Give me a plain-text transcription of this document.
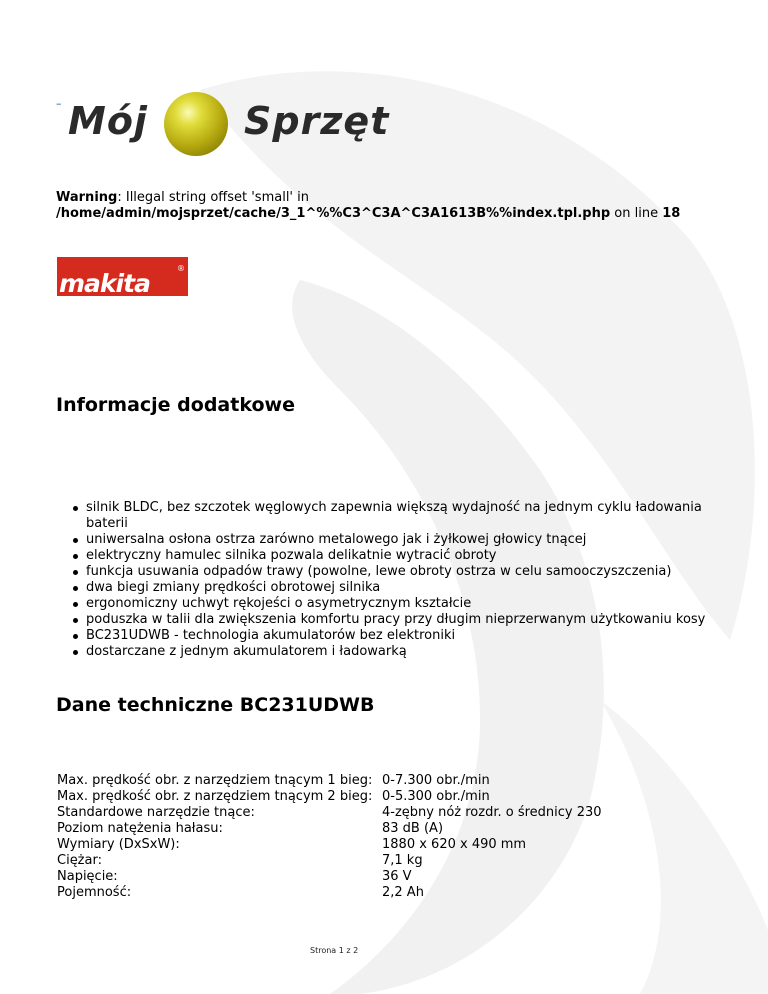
– Mój	Sprzęt
Warning: Illegal string offset 'small' in
/home/admin/mojsprzet/cache/3_1^%%C3^C3A^C3A1613B%%index.tpl.php on line 18
makita
®
Informacje dodatkowe
silnik BLDC, bez szczotek węglowych zapewnia większą wydajność na jednym cyklu ładowania baterii
uniwersalna osłona ostrza zarówno metalowego jak i żyłkowej głowicy tnącej
elektryczny hamulec silnika pozwala delikatnie wytracić obroty
funkcja usuwania odpadów trawy (powolne, lewe obroty ostrza w celu samooczyszczenia)
dwa biegi zmiany prędkości obrotowej silnika
ergonomiczny uchwyt rękojeści o asymetrycznym kształcie
poduszka w talii dla zwiększenia komfortu pracy przy długim nieprzerwanym użytkowaniu kosy
BC231UDWB - technologia akumulatorów bez elektroniki
dostarczane z jednym akumulatorem i ładowarką
Dane techniczne BC231UDWB
Max. prędkość obr. z narzędziem tnącym 1 bieg:	0-7.300 obr./min
Max. prędkość obr. z narzędziem tnącym 2 bieg:	0-5.300 obr./min
Standardowe narzędzie tnące:	4-zębny nóż rozdr. o średnicy 230
Poziom natężenia hałasu:	83 dB (A)
Wymiary (DxSxW):	1880 x 620 x 490 mm
Ciężar:	7,1 kg
Napięcie:	36 V
Pojemność:	2,2 Ah
Strona 1 z 2
